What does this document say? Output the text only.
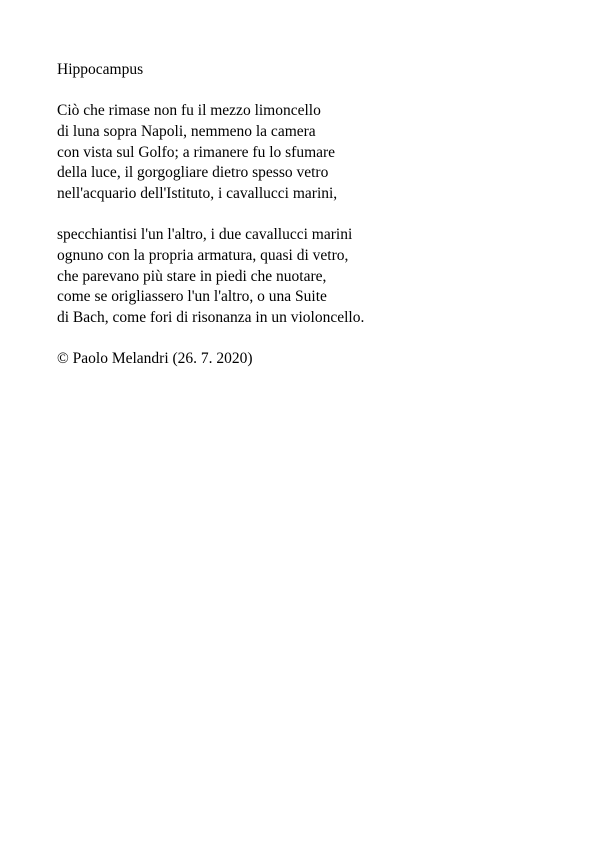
Hippocampus
Ciò che rimase non fu il mezzo limoncello
di luna sopra Napoli, nemmeno la camera
con vista sul Golfo; a rimanere fu lo sfumare
della luce, il gorgogliare dietro spesso vetro
nell'acquario dell'Istituto, i cavallucci marini,
specchiantisi l'un l'altro, i due cavallucci marini
ognuno con la propria armatura, quasi di vetro,
che parevano più stare in piedi che nuotare,
come se origliassero l'un l'altro, o una Suite
di Bach, come fori di risonanza in un violoncello.
© Paolo Melandri (26. 7. 2020)
